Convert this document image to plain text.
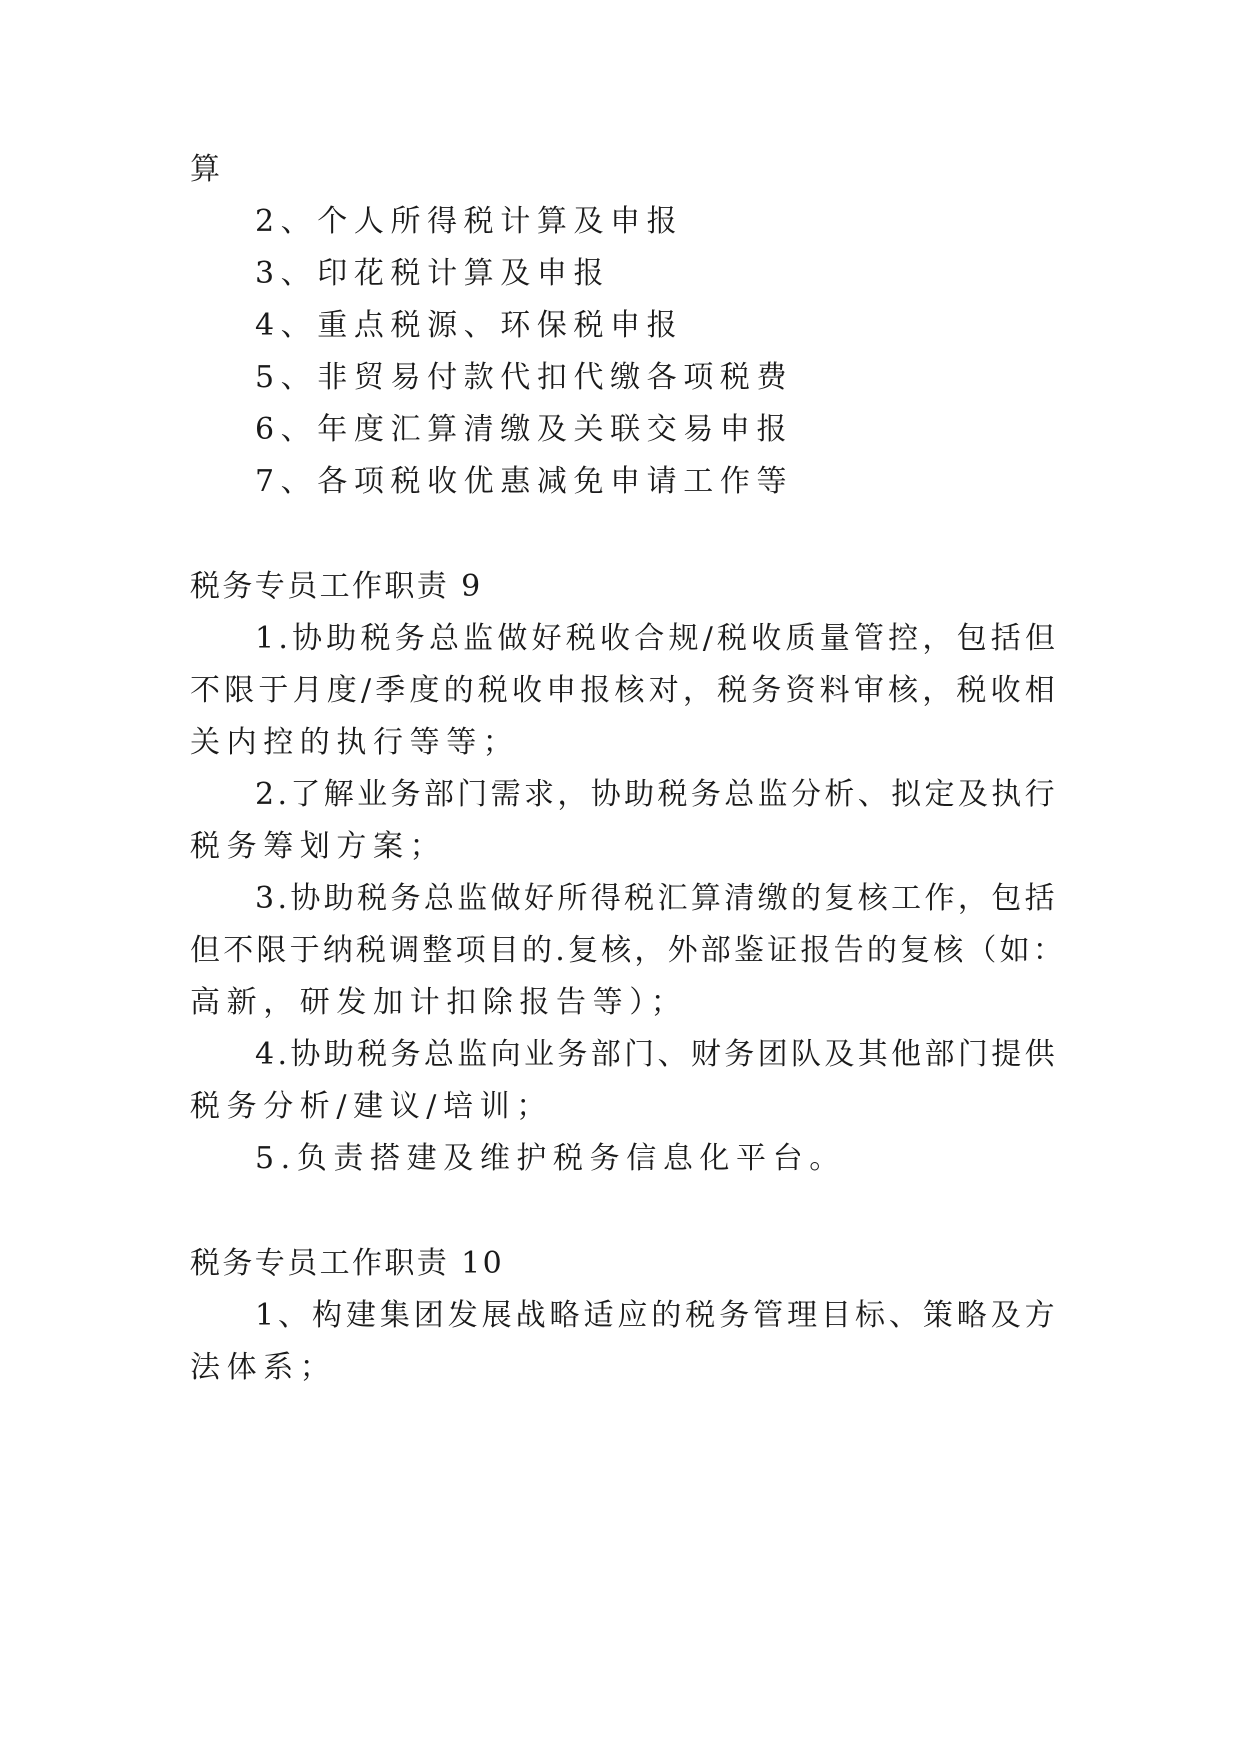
算

2、个人所得税计算及申报

3、印花税计算及申报

4、重点税源、环保税申报

5、非贸易付款代扣代缴各项税费

6、年度汇算清缴及关联交易申报

7、各项税收优惠减免申请工作等

税务专员工作职责 9

1 . 协 助 税 务 总 监 做 好 税 收 合 规 / 税 收 质 量 管 控 ， 包 括 但

不 限 于 月 度 / 季 度 的 税 收 申 报 核 对 ， 税 务 资 料 审 核 ， 税 收 相

关内控的执行等等；

2 . 了 解 业 务 部 门 需 求 ， 协 助 税 务 总 监 分 析 、 拟 定 及 执 行

税务筹划方案；

3 . 协 助 税 务 总 监 做 好 所 得 税 汇 算 清 缴 的 复 核 工 作 ， 包 括

但 不 限 于 纳 税 调 整 项 目 的 . 复 核 ， 外 部 鉴 证 报 告 的 复 核 （ 如 ：

高新，研发加计扣除报告等）；

4 . 协 助 税 务 总 监 向 业 务 部 门 、 财 务 团 队 及 其 他 部 门 提 供

税务分析/建议/培训；

5.负责搭建及维护税务信息化平台。

税务专员工作职责 10

1 、 构 建 集 团 发 展 战 略 适 应 的 税 务 管 理 目 标 、 策 略 及 方

法体系；
